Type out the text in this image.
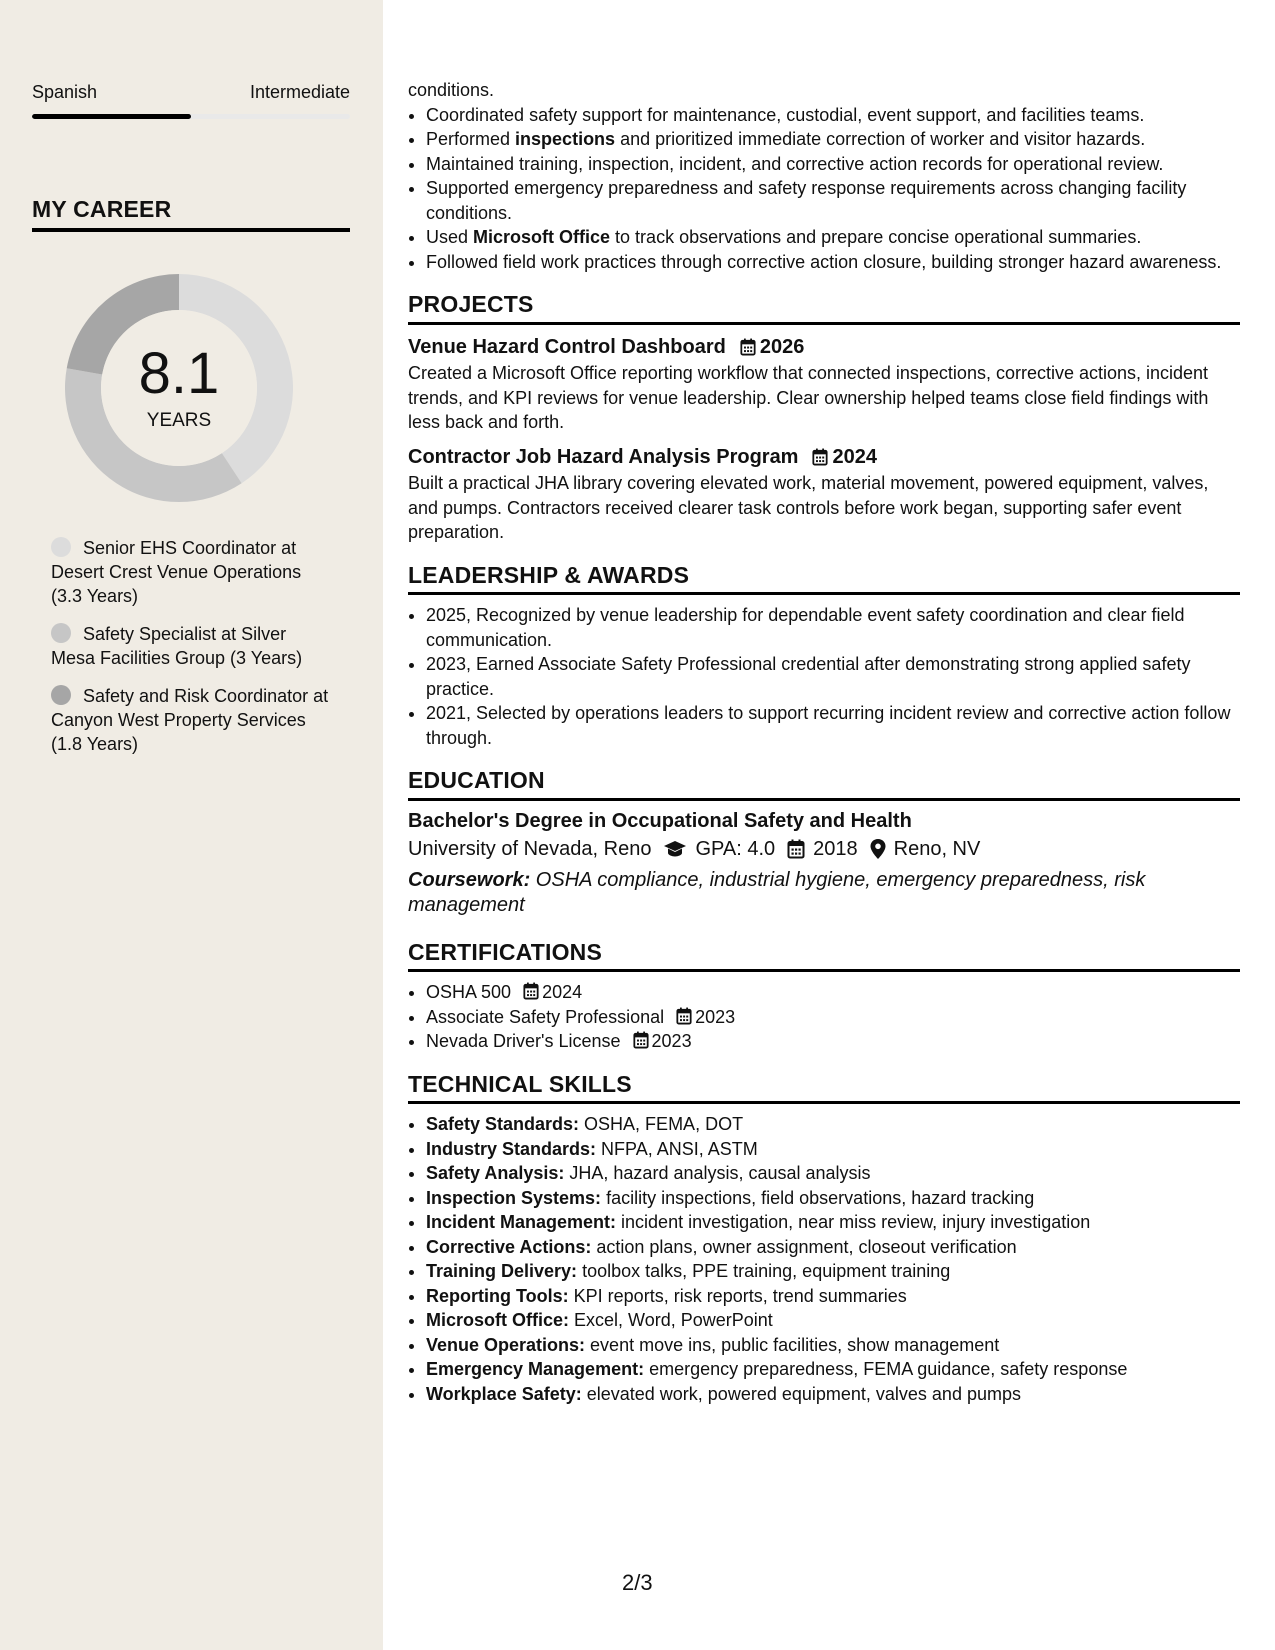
Spanish	Intermediate
MY CAREER
8.1
YEARS
Senior EHS Coordinator at Desert Crest Venue Operations (3.3 Years)
Safety Specialist at Silver Mesa Facilities Group (3 Years)
Safety and Risk Coordinator at Canyon West Property Services (1.8 Years)

conditions.

• Coordinated safety support for maintenance, custodial, event support, and facilities teams.
• Performed inspections and prioritized immediate correction of worker and visitor hazards.
• Maintained training, inspection, incident, and corrective action records for operational review.
• Supported emergency preparedness and safety response requirements across changing facility conditions.
• Used Microsoft Office to track observations and prepare concise operational summaries.
• Followed field work practices through corrective action closure, building stronger hazard awareness.
PROJECTS
Venue Hazard Control Dashboard 2026

Created a Microsoft Office reporting workflow that connected inspections, corrective actions, incident trends, and KPI reviews for venue leadership. Clear ownership helped teams close field findings with less back and forth.

Contractor Job Hazard Analysis Program 2024

Built a practical JHA library covering elevated work, material movement, powered equipment, valves, and pumps. Contractors received clearer task controls before work began, supporting safer event preparation.

LEADERSHIP & AWARDS
• 2025, Recognized by venue leadership for dependable event safety coordination and clear field communication.
• 2023, Earned Associate Safety Professional credential after demonstrating strong applied safety practice.
• 2021, Selected by operations leaders to support recurring incident review and corrective action follow through.
EDUCATION
Bachelor's Degree in Occupational Safety and Health
University of Nevada, Reno GPA: 4.0 2018 Reno, NV
Coursework: OSHA compliance, industrial hygiene, emergency preparedness, risk management
CERTIFICATIONS
• OSHA 500 2024
• Associate Safety Professional 2023
• Nevada Driver's License 2023
TECHNICAL SKILLS
• Safety Standards: OSHA, FEMA, DOT
• Industry Standards: NFPA, ANSI, ASTM
• Safety Analysis: JHA, hazard analysis, causal analysis
• Inspection Systems: facility inspections, field observations, hazard tracking
• Incident Management: incident investigation, near miss review, injury investigation
• Corrective Actions: action plans, owner assignment, closeout verification
• Training Delivery: toolbox talks, PPE training, equipment training
• Reporting Tools: KPI reports, risk reports, trend summaries
• Microsoft Office: Excel, Word, PowerPoint
• Venue Operations: event move ins, public facilities, show management
• Emergency Management: emergency preparedness, FEMA guidance, safety response
• Workplace Safety: elevated work, powered equipment, valves and pumps
2/3
